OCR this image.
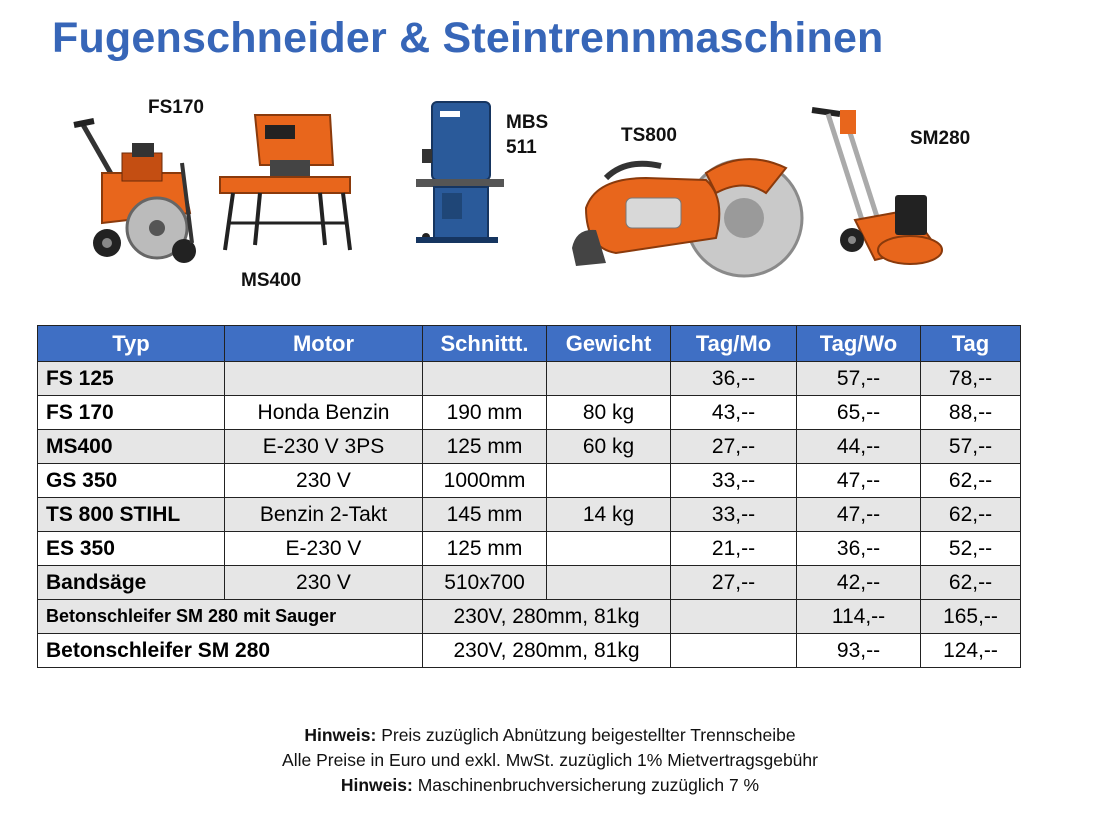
Fugenschneider & Steintrennmaschinen
FS170
MS400
MBS
511
TS800	SM280
Typ	Motor	Schnittt.	Gewicht	Tag/Mo	Tag/Wo	Tag
FS 125				36,--	57,--	78,--
FS 170	Honda Benzin	190 mm	80 kg	43,--	65,--	88,--
MS400	E-230 V 3PS	125 mm	60 kg	27,--	44,--	57,--
GS 350	230 V	1000mm		33,--	47,--	62,--
TS 800 STIHL	Benzin 2-Takt	145 mm	14 kg	33,--	47,--	62,--
ES 350	E-230 V	125 mm		21,--	36,--	52,--
Bandsäge	230 V	510x700		27,--	42,--	62,--
Betonschleifer SM 280 mit Sauger		230V, 280mm, 81kg			114,--	165,--
Betonschleifer SM 280		230V, 280mm, 81kg			93,--	124,--
Hinweis: Preis zuzüglich Abnützung beigestellter Trennscheibe
Alle Preise in Euro und exkl. MwSt. zuzüglich 1% Mietvertragsgebühr
Hinweis: Maschinenbruchversicherung zuzüglich 7 %
